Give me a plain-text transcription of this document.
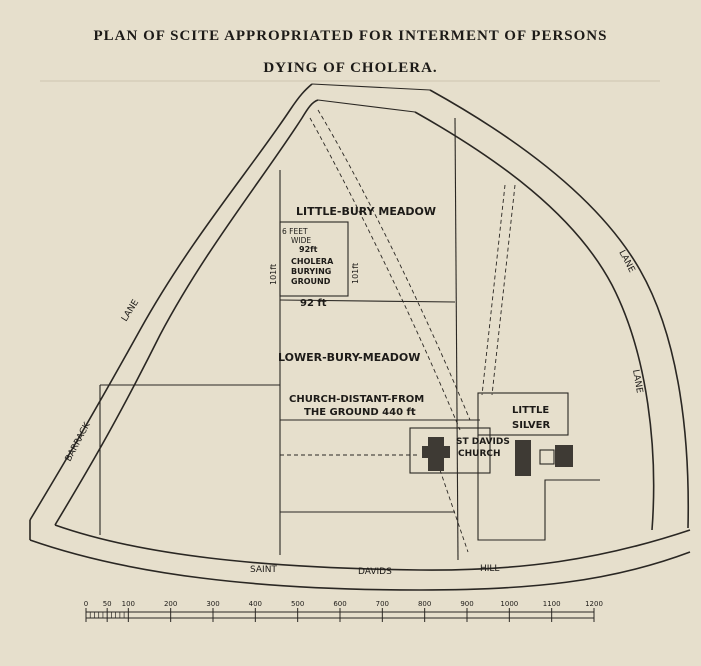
PLAN OF SCITE APPROPRIATED FOR INTERMENT OF PERSONS
DYING OF CHOLERA.
LITTLE-BURY MEADOW
LOWER-BURY-MEADOW
LITTLE
SILVER
6 FEET
WIDE
92ft
CHOLERA
BURYING
GROUND
101ft	101ft
92 ft
CHURCH-DISTANT-FROM
THE GROUND 440 ft
ST DAVIDS
CHURCH
LANE
BARRACK
SAINT	DAVIDS	HILL
LANE
LANE
0 50 100	200	300	400	500	600	700	800	900	1000	1100	1200
